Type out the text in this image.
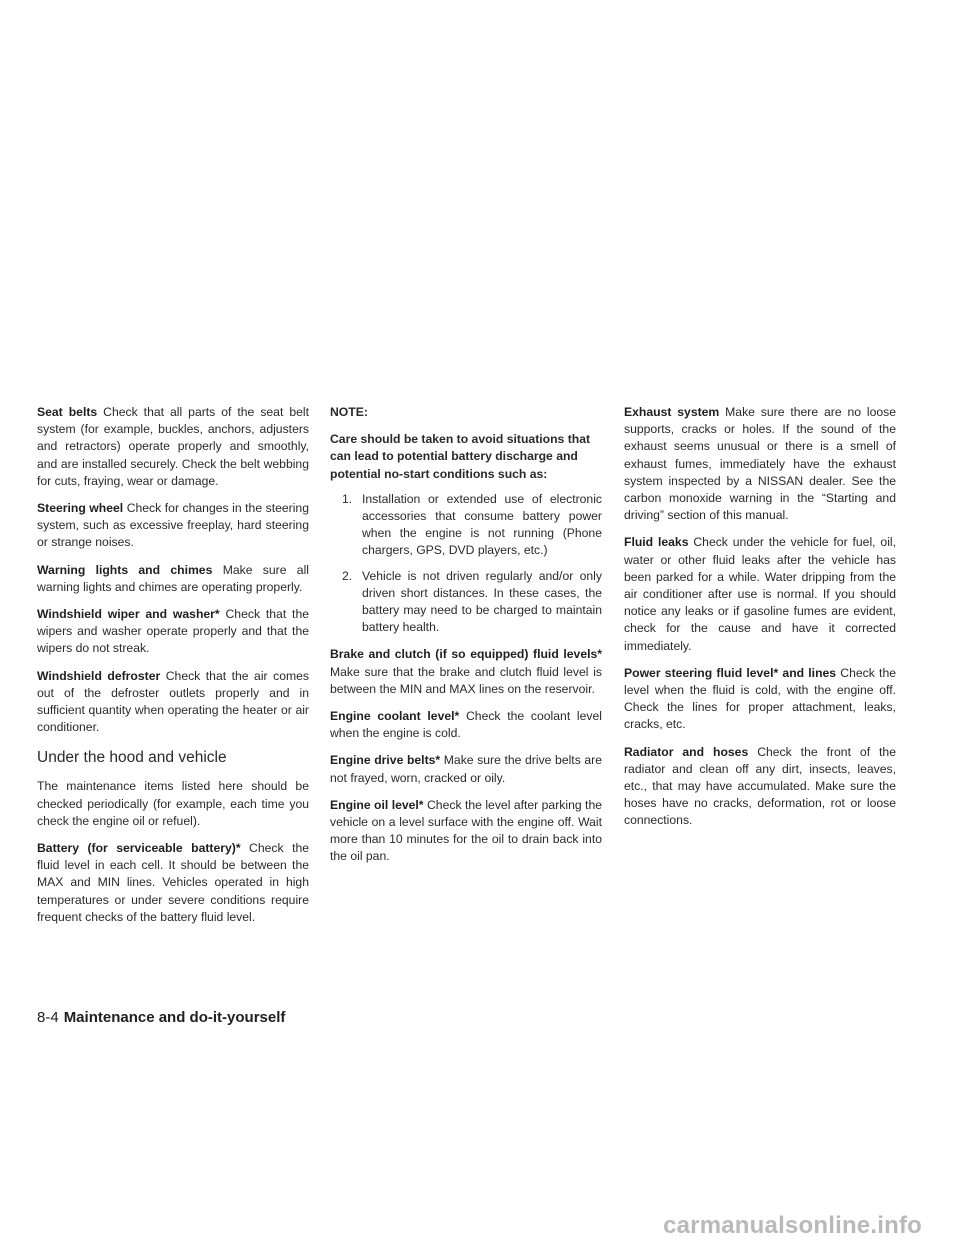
Seat belts Check that all parts of the seat belt system (for example, buckles, anchors, adjusters and retractors) operate properly and smoothly, and are installed securely. Check the belt webbing for cuts, fraying, wear or damage.

Steering wheel Check for changes in the steering system, such as excessive freeplay, hard steering or strange noises.

Warning lights and chimes Make sure all warning lights and chimes are operating properly.

Windshield wiper and washer* Check that the wipers and washer operate properly and that the wipers do not streak.

Windshield defroster Check that the air comes out of the defroster outlets properly and in sufficient quantity when operating the heater or air conditioner.

Under the hood and vehicle

The maintenance items listed here should be checked periodically (for example, each time you check the engine oil or refuel).

Battery (for serviceable battery)* Check the fluid level in each cell. It should be between the MAX and MIN lines. Vehicles operated in high temperatures or under severe conditions require frequent checks of the battery fluid level.

NOTE:

Care should be taken to avoid situations that can lead to potential battery discharge and potential no-start conditions such as:

1. Installation or extended use of electronic accessories that consume battery power when the engine is not running (Phone chargers, GPS, DVD players, etc.)
2. Vehicle is not driven regularly and/or only driven short distances. In these cases, the battery may need to be charged to maintain battery health.

Brake and clutch (if so equipped) fluid levels* Make sure that the brake and clutch fluid level is between the MIN and MAX lines on the reservoir.

Engine coolant level* Check the coolant level when the engine is cold.

Engine drive belts* Make sure the drive belts are not frayed, worn, cracked or oily.

Engine oil level* Check the level after parking the vehicle on a level surface with the engine off. Wait more than 10 minutes for the oil to drain back into the oil pan.

Exhaust system Make sure there are no loose supports, cracks or holes. If the sound of the exhaust seems unusual or there is a smell of exhaust fumes, immediately have the exhaust system inspected by a NISSAN dealer. See the carbon monoxide warning in the “Starting and driving” section of this manual.

Fluid leaks Check under the vehicle for fuel, oil, water or other fluid leaks after the vehicle has been parked for a while. Water dripping from the air conditioner after use is normal. If you should notice any leaks or if gasoline fumes are evident, check for the cause and have it corrected immediately.

Power steering fluid level* and lines Check the level when the fluid is cold, with the engine off. Check the lines for proper attachment, leaks, cracks, etc.

Radiator and hoses Check the front of the radiator and clean off any dirt, insects, leaves, etc., that may have accumulated. Make sure the hoses have no cracks, deformation, rot or loose connections.

8-4 Maintenance and do-it-yourself
carmanualsonline.info
